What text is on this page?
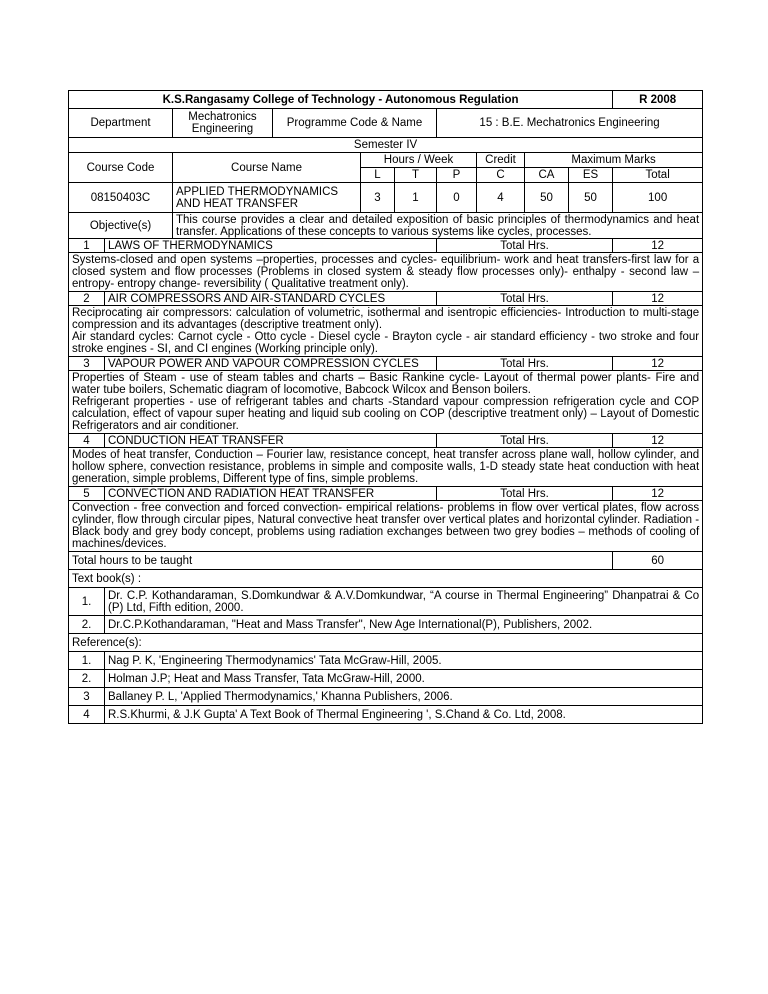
K.S.Rangasamy College of Technology - Autonomous Regulation										R 2008
Department		Mechatronics Engineering	Programme Code & Name			15 : B.E. Mechatronics Engineering				
Semester IV										
Course Code		Course Name		Hours / Week			Credit	Maximum Marks		
				L	T	P	C	CA	ES	Total
08150403C		APPLIED THERMODYNAMICS AND HEAT TRANSFER		3	1	0	4	50	50	100
Objective(s)		This course provides a clear and detailed exposition of basic principles of thermodynamics and heat transfer. Applications of these concepts to various systems like cycles, processes.								
1	LAWS OF THERMODYNAMICS					Total Hrs.				12
Systems-closed and open systems –properties, processes and cycles- equilibrium- work and heat transfers-first law for a closed system and flow processes (Problems in closed system & steady flow processes only)- enthalpy - second law –entropy- entropy change- reversibility ( Qualitative treatment only).										
2	AIR COMPRESSORS AND AIR-STANDARD CYCLES					Total Hrs.				12
Reciprocating air compressors: calculation of volumetric, isothermal and isentropic efficiencies- Introduction to multi-stage compression and its advantages (descriptive treatment only).
Air standard cycles: Carnot cycle - Otto cycle - Diesel cycle - Brayton cycle - air standard efficiency - two stroke and four stroke engines - SI, and CI engines (Working principle only).										
3	VAPOUR POWER AND VAPOUR COMPRESSION CYCLES					Total Hrs.				12
Properties of Steam - use of steam tables and charts – Basic Rankine cycle- Layout of thermal power plants- Fire and water tube boilers, Schematic diagram of locomotive, Babcock Wilcox and Benson boilers.
Refrigerant properties - use of refrigerant tables and charts -Standard vapour compression refrigeration cycle and COP calculation, effect of vapour super heating and liquid sub cooling on COP (descriptive treatment only) – Layout of Domestic Refrigerators and air conditioner.										
4	CONDUCTION HEAT TRANSFER					Total Hrs.				12
Modes of heat transfer, Conduction – Fourier law, resistance concept, heat transfer across plane wall, hollow cylinder, and hollow sphere, convection resistance, problems in simple and composite walls, 1-D steady state heat conduction with heat generation, simple problems, Different type of fins, simple problems.										
5	CONVECTION AND RADIATION HEAT TRANSFER					Total Hrs.				12
Convection - free convection and forced convection- empirical relations- problems in flow over vertical plates, flow across cylinder, flow through circular pipes, Natural convective heat transfer over vertical plates and horizontal cylinder. Radiation - Black body and grey body concept, problems using radiation exchanges between two grey bodies – methods of cooling of machines/devices.										
Total hours to be taught										60
Text book(s) :										
1.	Dr. C.P. Kothandaraman, S.Domkundwar & A.V.Domkundwar, “A course in Thermal Engineering” Dhanpatrai & Co (P) Ltd, Fifth edition, 2000.									
2.	Dr.C.P.Kothandaraman, "Heat and Mass Transfer", New Age International(P), Publishers, 2002.									
Reference(s):										
1.	Nag P. K, 'Engineering Thermodynamics' Tata McGraw-Hill, 2005.									
2.	Holman J.P; Heat and Mass Transfer, Tata McGraw-Hill, 2000.									
3	Ballaney P. L, 'Applied Thermodynamics,' Khanna Publishers, 2006.									
4	R.S.Khurmi, & J.K Gupta' A Text Book of Thermal Engineering ', S.Chand & Co. Ltd, 2008.									
